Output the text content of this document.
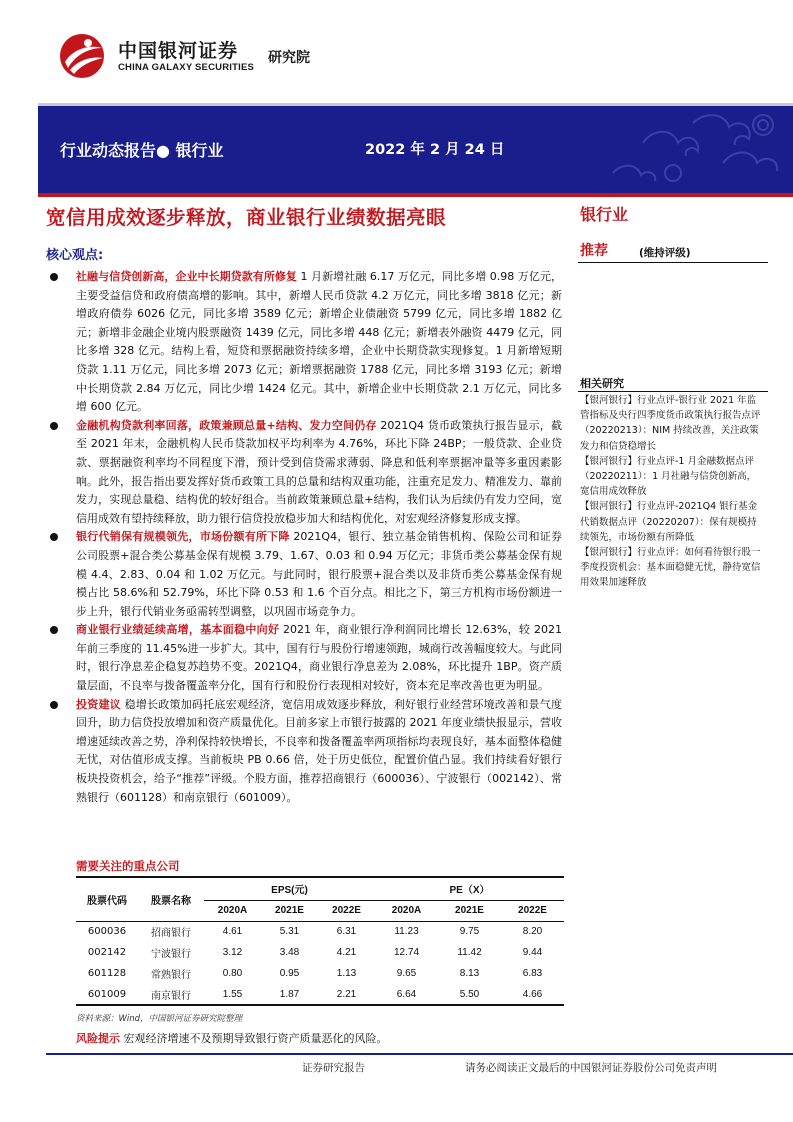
中国银河证券
CHINA GALAXY SECURITIES
研究院
行业动态报告● 银行业	2022 年 2 月 24 日
宽信用成效逐步释放，商业银行业绩数据亮眼
核心观点:
社融与信贷创新高，企业中长期贷款有所修复 1 月新增社融 6.17 万亿元，同比多增 0.98 万亿元，主要受益信贷和政府债高增的影响。其中，新增人民币贷款 4.2 万亿元，同比多增 3818 亿元；新增政府债券 6026 亿元，同比多增 3589 亿元；新增企业债融资 5799 亿元，同比多增 1882 亿元；新增非金融企业境内股票融资 1439 亿元，同比多增 448 亿元；新增表外融资 4479 亿元，同比多增 328 亿元。结构上看，短贷和票据融资持续多增，企业中长期贷款实现修复。1 月新增短期贷款 1.11 万亿元，同比多增 2073 亿元；新增票据融资 1788 亿元，同比多增 3193 亿元；新增中长期贷款 2.84 万亿元，同比少增 1424 亿元。其中，新增企业中长期贷款 2.1 万亿元，同比多增 600 亿元。
金融机构贷款利率回落，政策兼顾总量+结构、发力空间仍存 2021Q4 货币政策执行报告显示，截至 2021 年末，金融机构人民币贷款加权平均利率为 4.76%，环比下降 24BP；一般贷款、企业贷款、票据融资利率均不同程度下滑，预计受到信贷需求薄弱、降息和低利率票据冲量等多重因素影响。此外，报告指出要发挥好货币政策工具的总量和结构双重功能，注重充足发力、精准发力、靠前发力，实现总量稳、结构优的较好组合。当前政策兼顾总量+结构，我们认为后续仍有发力空间，宽信用成效有望持续释放，助力银行信贷投放稳步加大和结构优化，对宏观经济修复形成支撑。
银行代销保有规模领先，市场份额有所下降 2021Q4，银行、独立基金销售机构、保险公司和证券公司股票+混合类公募基金保有规模 3.79、1.67、0.03 和 0.94 万亿元；非货币类公募基金保有规模 4.4、2.83、0.04 和 1.02 万亿元。与此同时，银行股票+混合类以及非货币类公募基金保有规模占比 58.6%和 52.79%，环比下降 0.53 和 1.6 个百分点。相比之下，第三方机构市场份额进一步上升，银行代销业务亟需转型调整，以巩固市场竞争力。
商业银行业绩延续高增，基本面稳中向好 2021 年，商业银行净利润同比增长 12.63%，较 2021 年前三季度的 11.45%进一步扩大。其中，国有行与股份行增速领跑，城商行改善幅度较大。与此同时，银行净息差企稳复苏趋势不变。2021Q4，商业银行净息差为 2.08%，环比提升 1BP。资产质量层面，不良率与拨备覆盖率分化，国有行和股份行表现相对较好，资本充足率改善也更为明显。
投资建议 稳增长政策加码托底宏观经济，宽信用成效逐步释放，利好银行业经营环境改善和景气度回升，助力信贷投放增加和资产质量优化。目前多家上市银行披露的 2021 年度业绩快报显示，营收增速延续改善之势，净利保持较快增长，不良率和拨备覆盖率两项指标均表现良好，基本面整体稳健无忧，对估值形成支撑。当前板块 PB 0.66 倍，处于历史低位，配置价值凸显。我们持续看好银行板块投资机会，给予“推荐”评级。个股方面，推荐招商银行（600036）、宁波银行（002142）、常熟银行（601128）和南京银行（601009）。
需要关注的重点公司
股票代码	股票名称	EPS(元)			PE（X）		
		2020A	2021E	2022E	2020A	2021E	2022E
600036	招商银行	4.61	5.31	6.31	11.23	9.75	8.20
002142	宁波银行	3.12	3.48	4.21	12.74	11.42	9.44
601128	常熟银行	0.80	0.95	1.13	9.65	8.13	6.83
601009	南京银行	1.55	1.87	2.21	6.64	5.50	4.66
资料来源：Wind，中国银河证券研究院整理
风险提示 宏观经济增速不及预期导致银行资产质量恶化的风险。
证券研究报告	请务必阅读正文最后的中国银河证券股份公司免责声明
银行业
推荐	(维持评级)
相关研究
【银河银行】行业点评-银行业 2021 年监管指标及央行四季度货币政策执行报告点评（20220213）：NIM 持续改善，关注政策发力和信贷稳增长
【银河银行】行业点评-1 月金融数据点评（20220211）：1 月社融与信贷创新高，宽信用成效释放
【银河银行】行业点评-2021Q4 银行基金代销数据点评（20220207）：保有规模持续领先，市场份额有所降低
【银河银行】行业点评：如何看待银行股一季度投资机会：基本面稳健无忧，静待宽信用效果加速释放
